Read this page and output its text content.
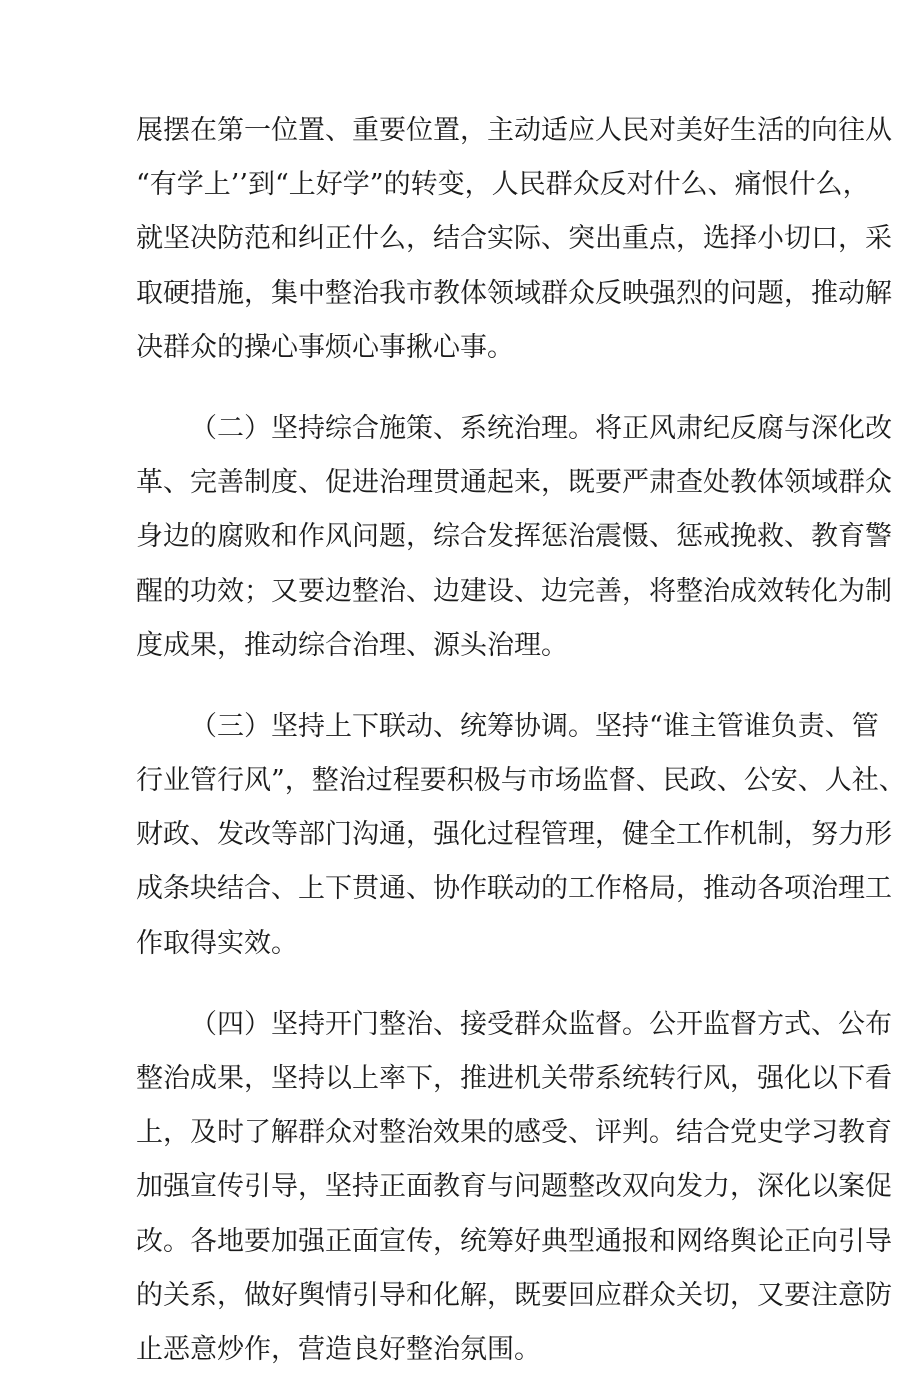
展摆在第一位置、重要位置，主动适应人民对美好生活的向往从
“有学上’’到“上好学”的转变，人民群众反对什么、痛恨什么，
就坚决防范和纠正什么，结合实际、突出重点，选择小切口，采
取硬措施，集中整治我市教体领域群众反映强烈的问题，推动解
决群众的操心事烦心事揪心事。
（二）坚持综合施策、系统治理。将正风肃纪反腐与深化改
革、完善制度、促进治理贯通起来，既要严肃查处教体领域群众
身边的腐败和作风问题，综合发挥惩治震慑、惩戒挽救、教育警
醒的功效；又要边整治、边建设、边完善，将整治成效转化为制
度成果，推动综合治理、源头治理。
（三）坚持上下联动、统筹协调。坚持“谁主管谁负责、管
行业管行风”，整治过程要积极与市场监督、民政、公安、人社、
财政、发改等部门沟通，强化过程管理，健全工作机制，努力形
成条块结合、上下贯通、协作联动的工作格局，推动各项治理工
作取得实效。
（四）坚持开门整治、接受群众监督。公开监督方式、公布
整治成果，坚持以上率下，推进机关带系统转行风，强化以下看
上，及时了解群众对整治效果的感受、评判。结合党史学习教育
加强宣传引导，坚持正面教育与问题整改双向发力，深化以案促
改。各地要加强正面宣传，统筹好典型通报和网络舆论正向引导
的关系，做好舆情引导和化解，既要回应群众关切，又要注意防
止恶意炒作，营造良好整治氛围。
